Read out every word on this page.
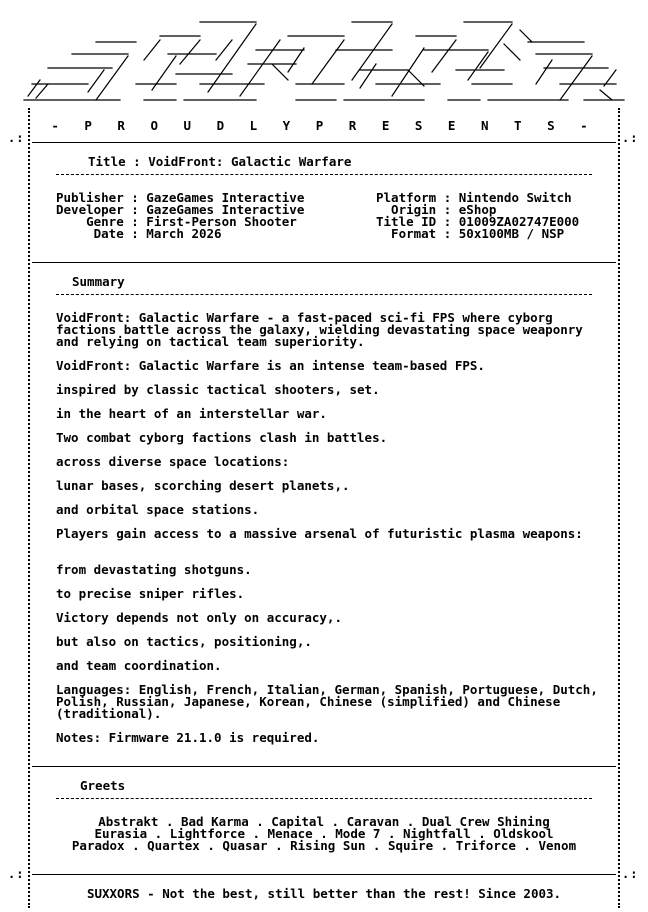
.:	.:
.:	.:
- P R O U D L Y P R E S E N T S -
Title : VoidFront: Galactic Warfare
Publisher : GazeGames Interactive
Developer : GazeGames Interactive
Genre : First-Person Shooter
Date : March 2026
Platform : Nintendo Switch
Origin : eShop
Title ID : 01009ZA02747E000
Format : 50x100MB / NSP
Summary
VoidFront: Galactic Warfare - a fast-paced sci-fi FPS where cyborg factions battle across the galaxy, wielding devastating space weaponry and relying on tactical team superiority.
VoidFront: Galactic Warfare is an intense team-based FPS.
inspired by classic tactical shooters, set.
in the heart of an interstellar war.
Two combat cyborg factions clash in battles.
across diverse space locations:
lunar bases, scorching desert planets,.
and orbital space stations.
Players gain access to a massive arsenal of futuristic plasma weapons:
from devastating shotguns.
to precise sniper rifles.
Victory depends not only on accuracy,.
but also on tactics, positioning,.
and team coordination.
Languages: English, French, Italian, German, Spanish, Portuguese, Dutch, Polish, Russian, Japanese, Korean, Chinese (simplified) and Chinese (traditional).
Notes: Firmware 21.1.0 is required.
Greets
Abstrakt . Bad Karma . Capital . Caravan . Dual Crew Shining
Eurasia . Lightforce . Menace . Mode 7 . Nightfall . Oldskool
Paradox . Quartex . Quasar . Rising Sun . Squire . Triforce . Venom
SUXXORS - Not the best, still better than the rest! Since 2003.
